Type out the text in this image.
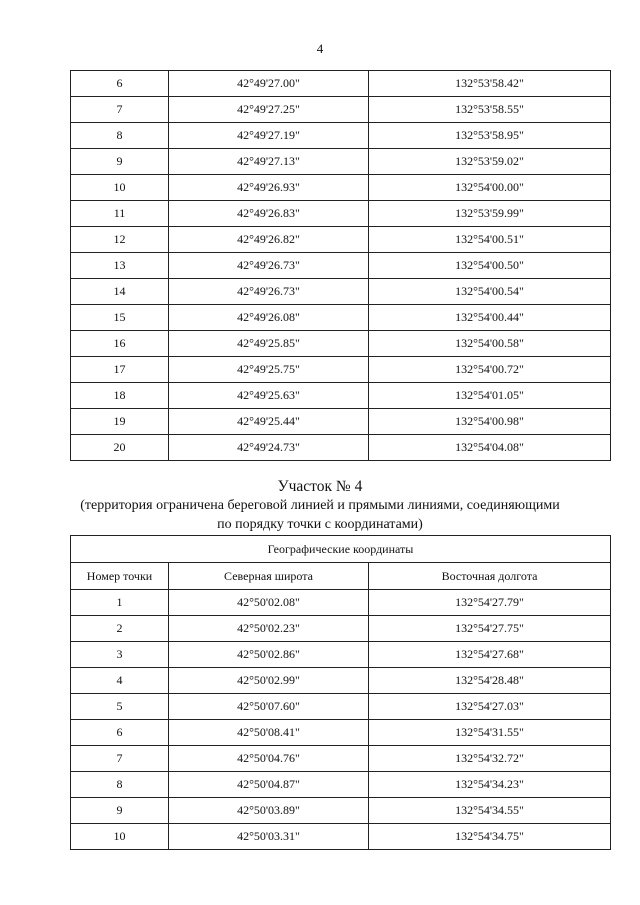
4
6	42°49'27.00"	132°53'58.42"
7	42°49'27.25"	132°53'58.55"
8	42°49'27.19"	132°53'58.95"
9	42°49'27.13"	132°53'59.02"
10	42°49'26.93"	132°54'00.00"
11	42°49'26.83"	132°53'59.99"
12	42°49'26.82"	132°54'00.51"
13	42°49'26.73"	132°54'00.50"
14	42°49'26.73"	132°54'00.54"
15	42°49'26.08"	132°54'00.44"
16	42°49'25.85"	132°54'00.58"
17	42°49'25.75"	132°54'00.72"
18	42°49'25.63"	132°54'01.05"
19	42°49'25.44"	132°54'00.98"
20	42°49'24.73"	132°54'04.08"
Участок № 4
(территория ограничена береговой линией и прямыми линиями, соединяющими
по порядку точки с координатами)
Географические координаты		
Номер точки	Северная широта	Восточная долгота
1	42°50'02.08"	132°54'27.79"
2	42°50'02.23"	132°54'27.75"
3	42°50'02.86"	132°54'27.68"
4	42°50'02.99"	132°54'28.48"
5	42°50'07.60"	132°54'27.03"
6	42°50'08.41"	132°54'31.55"
7	42°50'04.76"	132°54'32.72"
8	42°50'04.87"	132°54'34.23"
9	42°50'03.89"	132°54'34.55"
10	42°50'03.31"	132°54'34.75"
